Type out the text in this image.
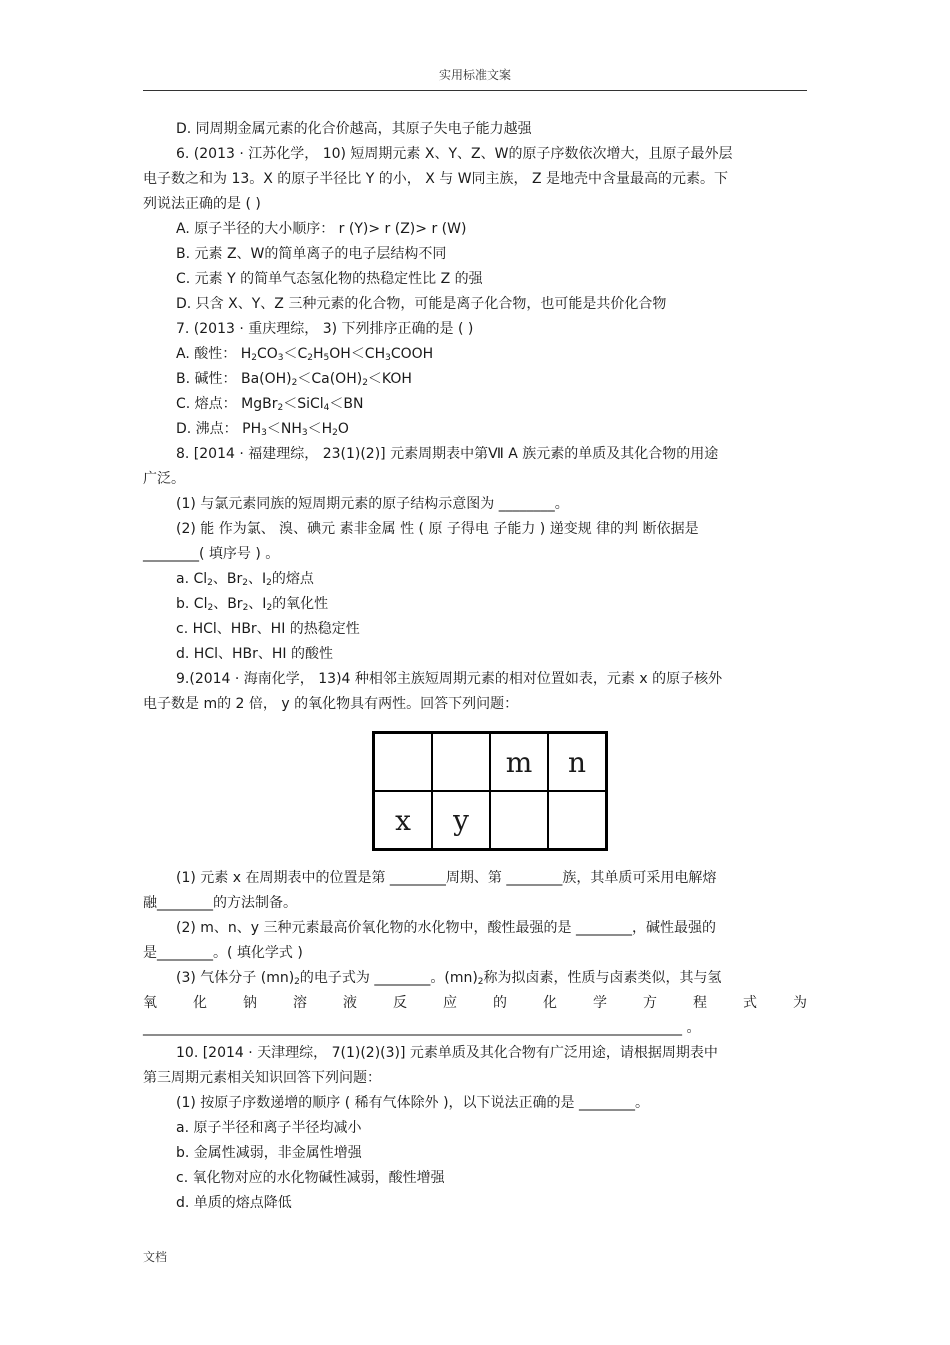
实用标准文案
D. 同周期金属元素的化合价越高，其原子失电子能力越强
6. (2013 · 江苏化学， 10) 短周期元素 X、Y、Z、W的原子序数依次增大，且原子最外层
电子数之和为 13。X 的原子半径比 Y 的小， X 与 W同主族， Z 是地壳中含量最高的元素。下
列说法正确的是 ( )
A. 原子半径的大小顺序： r (Y)> r (Z)> r (W)
B. 元素 Z、W的简单离子的电子层结构不同
C. 元素 Y 的简单气态氢化物的热稳定性比 Z 的强
D. 只含 X、Y、Z 三种元素的化合物，可能是离子化合物，也可能是共价化合物
7. (2013 · 重庆理综， 3) 下列排序正确的是 ( )
A. 酸性： $H_2CO_3<C_2H_5OH<CH_3COOH$
B. 碱性： $Ba(OH)_2<Ca(OH)_2<KOH$
C. 熔点： MgBr$_2$＜SiCl$_4$＜BN
D. 沸点： $PH_3<NH_3<H_2O$
8. [2014 · 福建理综， 23(1)(2)] 元素周期表中第Ⅶ A 族元素的单质及其化合物的用途
广泛。
(1) 与氯元素同族的短周期元素的原子结构示意图为 ________。
(2) 能 作为氯、 溴、碘元 素非金属 性 ( 原 子得电 子能力 ) 递变规 律的判 断依据是
________( 填序号 ) 。
a. $Cl_2$、$Br_2$、$I_2$的熔点
b. $Cl_2$、$Br_2$、$I_2$的氧化性
c. HCl、HBr、HI 的热稳定性
d. HCl、HBr、HI 的酸性
9.(2014 · 海南化学， 13)4 种相邻主族短周期元素的相对位置如表，元素 x 的原子核外
电子数是 m的 2 倍， y 的氧化物具有两性。回答下列问题：
		m	n
x	y		
(1) 元素 x 在周期表中的位置是第 ________周期、第 ________族，其单质可采用电解熔
融________的方法制备。
(2) m、n、y 三种元素最高价氧化物的水化物中，酸性最强的是 ________，碱性最强的
是________。( 填化学式 )
(3) 气体分子 $(mn)_2$的电子式为 ________。$(mn)_2$称为拟卤素，性质与卤素类似，其与氢
氧	化	钠	溶	液	反	应	的	化	学	方	程	式	为
_____________________________________________________________________________ 。
10. [2014 · 天津理综， 7(1)(2)(3)] 元素单质及其化合物有广泛用途，请根据周期表中
第三周期元素相关知识回答下列问题：
(1) 按原子序数递增的顺序 ( 稀有气体除外 )，以下说法正确的是 ________。
a. 原子半径和离子半径均减小
b. 金属性减弱，非金属性增强
c. 氧化物对应的水化物碱性减弱，酸性增强
d. 单质的熔点降低
文档
